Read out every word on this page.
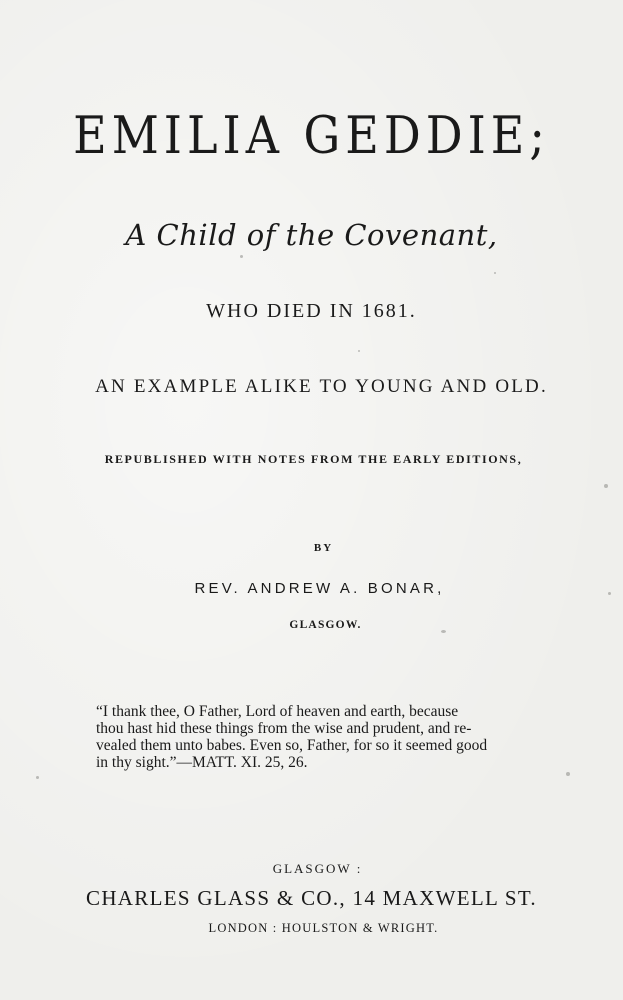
EMILIA GEDDIE;

A Child of the Covenant,

WHO DIED IN 1681.

AN EXAMPLE ALIKE TO YOUNG AND OLD.

REPUBLISHED WITH NOTES FROM THE EARLY EDITIONS,

BY

REV. ANDREW A. BONAR,

GLASGOW.

“I thank thee, O Father, Lord of heaven and earth, because
thou hast hid these things from the wise and prudent, and re-
vealed them unto babes. Even so, Father, for so it seemed good
in thy sight.”—MATT. XI. 25, 26.

GLASGOW :

CHARLES GLASS & CO., 14 MAXWELL ST.

LONDON : HOULSTON & WRIGHT.
